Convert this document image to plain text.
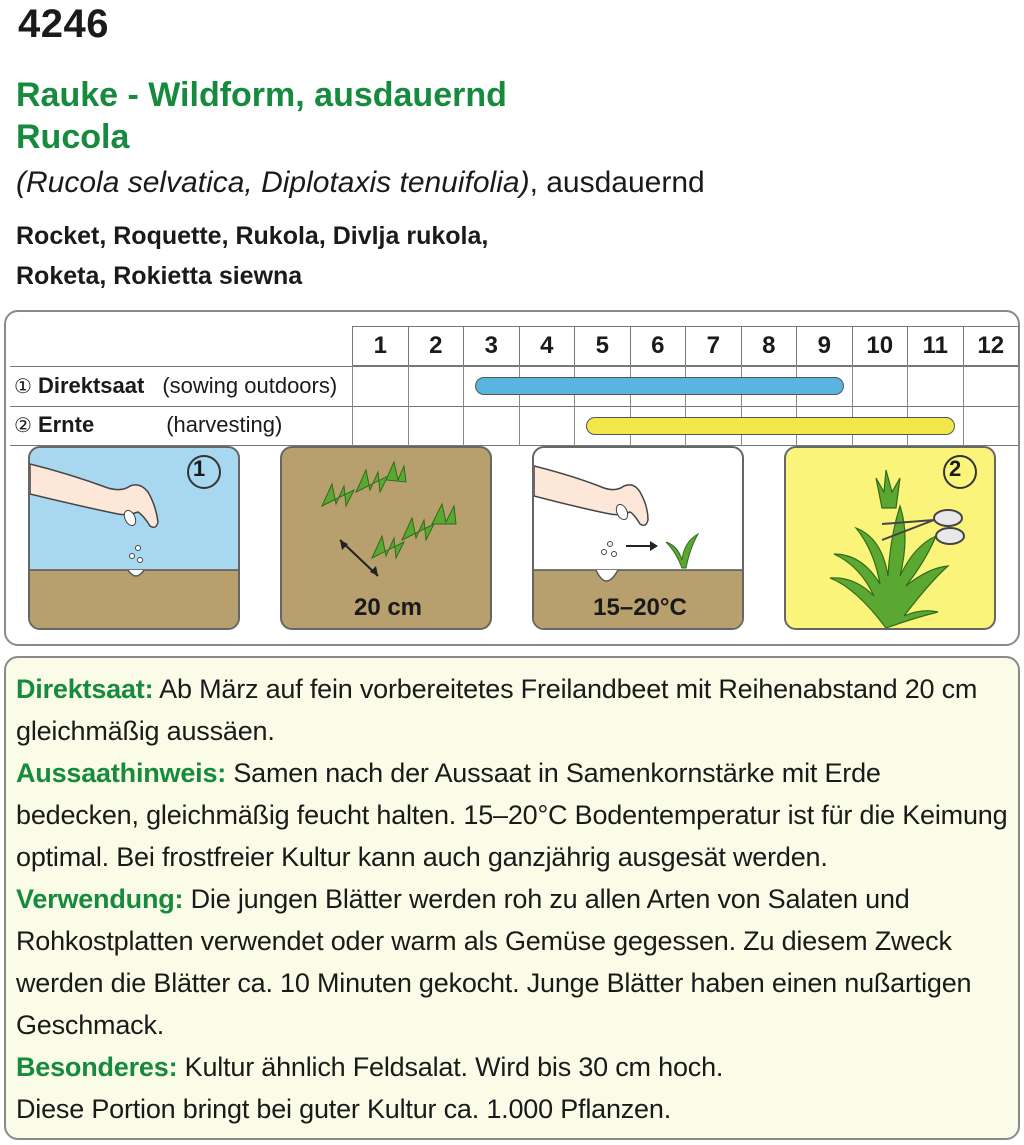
4246
Rauke - Wildform, ausdauernd
Rucola
(Rucola selvatica, Diplotaxis tenuifolia), ausdauernd
Rocket, Roquette, Rukola, Divlja rukola,
Roketa, Rokietta siewna
① Direktsaat (sowing outdoors)
② Ernte	(harvesting)
1	2	3	4	5	6	7	8	9	10	11	12
1
20 cm	15–20°C
2

Direktsaat: Ab März auf fein vorbereitetes Freilandbeet mit Reihenabstand 20 cm gleichmäßig aussäen.

Aussaathinweis: Samen nach der Aussaat in Samenkornstärke mit Erde bedecken, gleichmäßig feucht halten. 15–20°C Bodentemperatur ist für die Keimung optimal. Bei frostfreier Kultur kann auch ganzjährig ausgesät werden.

Verwendung: Die jungen Blätter werden roh zu allen Arten von Salaten und Rohkostplatten verwendet oder warm als Gemüse gegessen. Zu diesem Zweck werden die Blätter ca. 10 Minuten gekocht. Junge Blätter haben einen nußartigen Geschmack.

Besonderes: Kultur ähnlich Feldsalat. Wird bis 30 cm hoch.

Diese Portion bringt bei guter Kultur ca. 1.000 Pflanzen.
